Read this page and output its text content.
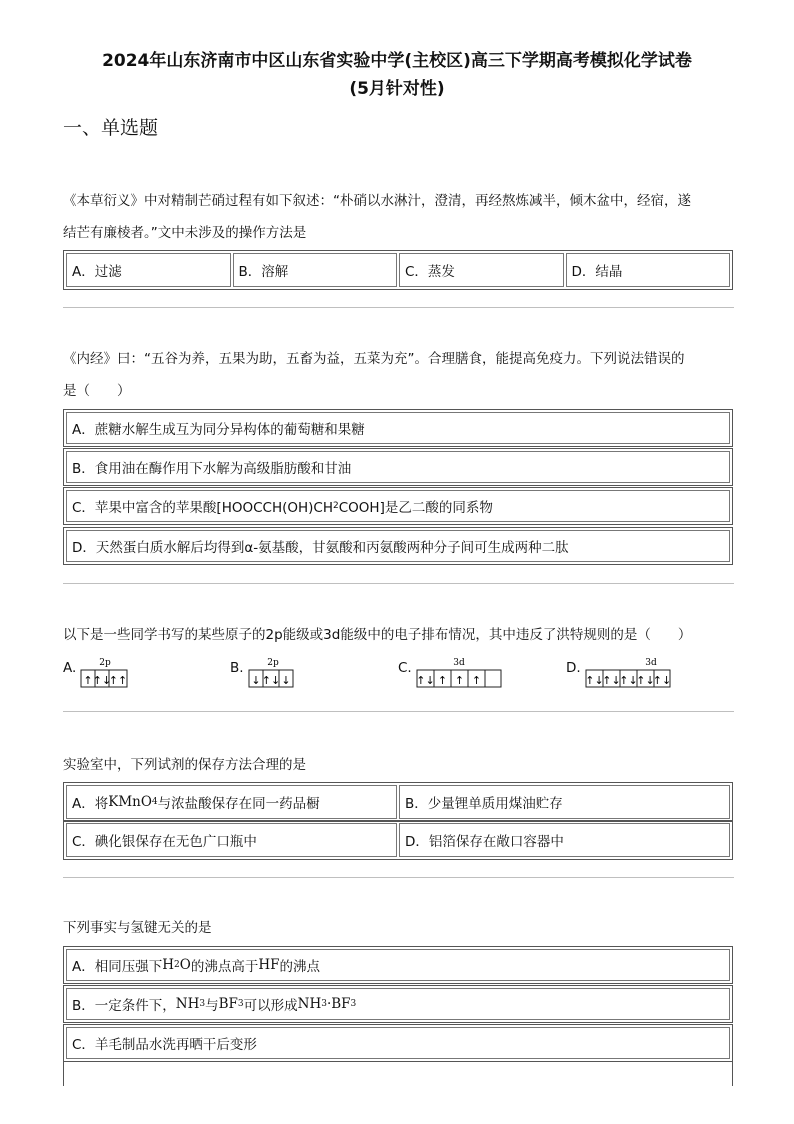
2024年山东济南市中区山东省实验中学(主校区)高三下学期高考模拟化学试卷
(5月针对性)
一、单选题
《本草衍义》中对精制芒硝过程有如下叙述：“朴硝以水淋汁，澄清，再经熬炼减半，倾木盆中，经宿，遂
结芒有廉棱者。”文中未涉及的操作方法是
A．过滤	B．溶解	C．蒸发	D．结晶
《内经》曰：“五谷为养，五果为助，五畜为益，五菜为充”。合理膳食，能提高免疫力。下列说法错误的
是（　　）
A．蔗糖水解生成互为同分异构体的葡萄糖和果糖
B．食用油在酶作用下水解为高级脂肪酸和甘油
C．苹果中富含的苹果酸[HOOCCH(OH)CH 2 COOH]是乙二酸的同系物
D．天然蛋白质水解后均得到α-氨基酸，甘氨酸和丙氨酸两种分子间可生成两种二肽
以下是一些同学书写的某些原子的2p能级或3d能级中的电子排布情况，其中违反了洪特规则的是（　　）
A.	2p
↑ ↑↓
↑↑
B.	2p
↓ ↑↓ ↓
C.	3d
↑↓ ↑ ↑ ↑
D.	3d
↑↓
↑↓
↑↓
↑↓
↑↓
实验室中，下列试剂的保存方法合理的是
A．将 KMnO 4 与浓盐酸保存在同一药品橱	B．少量锂单质用煤油贮存
C．碘化银保存在无色广口瓶中	D．铝箔保存在敞口容器中
下列事实与氢键无关的是
A．相同压强下 H 2 O 的沸点高于 HF 的沸点
B．一定条件下， NH 3 与 BF 3 可以形成 NH 3 · BF 3
C．羊毛制品水洗再晒干后变形
